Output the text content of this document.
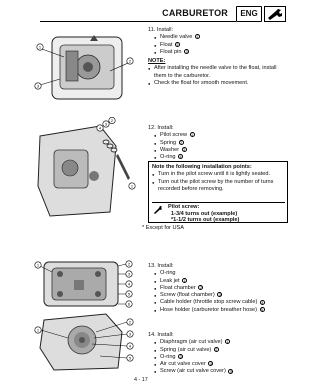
CARBURETOR	ENG
1
2
3
11. Install:
● Needle valve 1
● Float 2
● Float pin 3
NOTE:
● After installing the needle valve to the float, install them to the carburetor.
● Check the float for smooth movement.
4
3
2
1
12. Install:
● Pilot screw 1
● Spring 2
● Washer 3
● O-ring 4
Note the following installation points:
● Turn in the pilot screw until it is lightly seated.
● Turn out the pilot screw by the number of turns recorded before removing.
Pilot screw:
1-3/4 turns out (example)
*1-1/2 turns out (example)
* Except for USA
1	2
3
4
5
6
13. Install:
● O-ring
● Leak jet 1
● Float chamber 2
● Screw (float chamber) 3
● Cable holder (throttle stop screw cable) 4
● Hose holder (carburetor breather hose) 5
1
2
3
4
5
14. Install:
● Diaphragm (air cut valve) 1
● Spring (air cut valve) 2
● O-ring 3
● Air cut valve cover 4
● Screw (air cut valve cover) 5
4 - 17
